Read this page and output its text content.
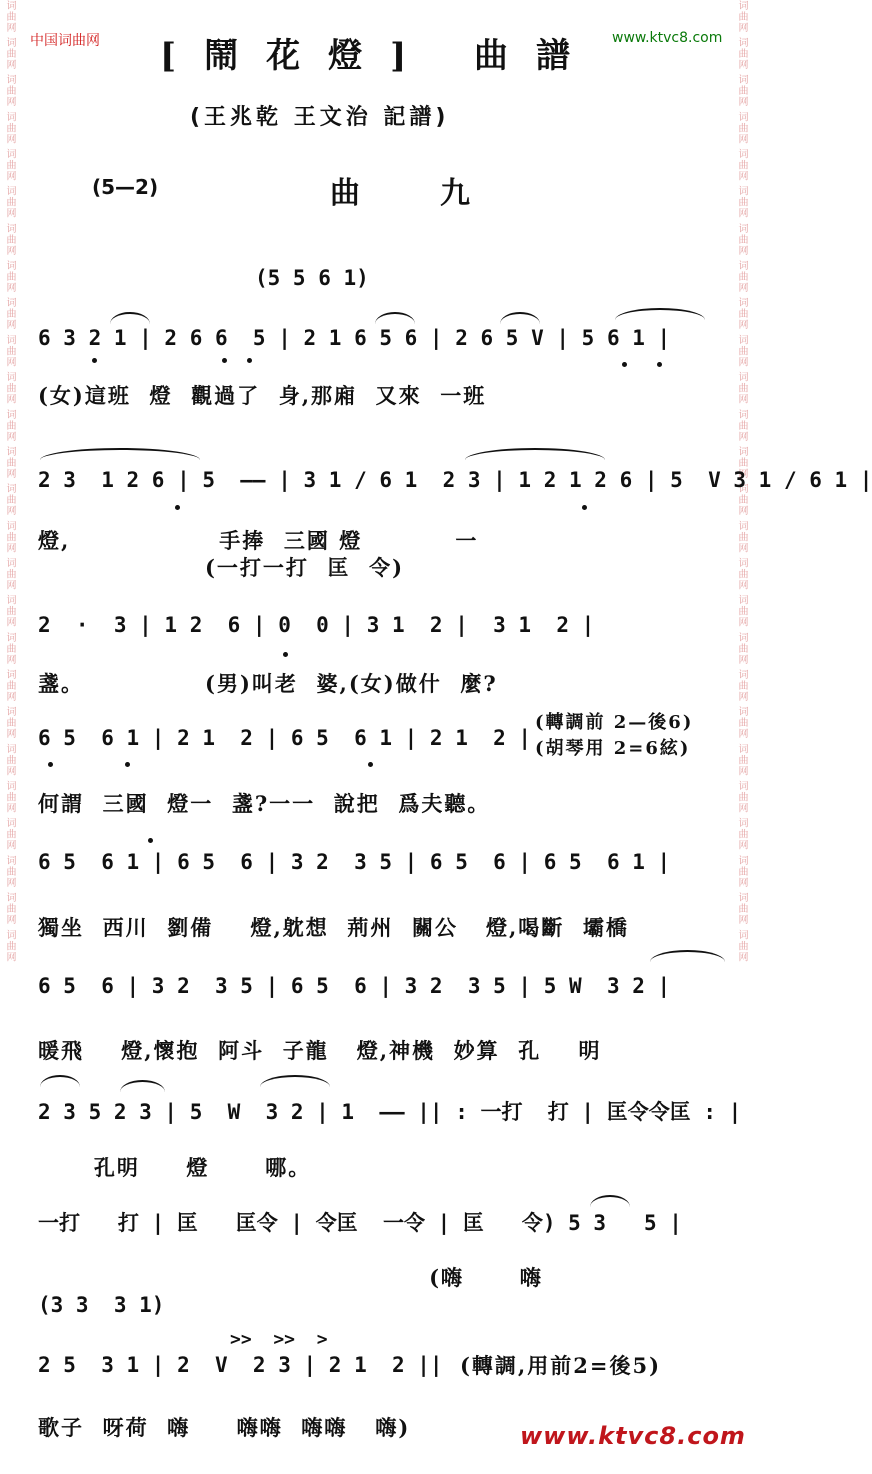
词曲网 词曲网 词曲网 词曲网 词曲网 词曲网 词曲网 词曲网 词曲网 词曲网 词曲网 词曲网 词曲网 词曲网 词曲网 词曲网 词曲网 词曲网 词曲网 词曲网 词曲网 词曲网 词曲网 词曲网 词曲网 词曲网	词曲网 词曲网 词曲网 词曲网 词曲网 词曲网 词曲网 词曲网 词曲网 词曲网 词曲网 词曲网 词曲网 词曲网 词曲网 词曲网 词曲网 词曲网 词曲网 词曲网 词曲网 词曲网 词曲网 词曲网 词曲网 词曲网
中国词曲网	www.ktvc8.com
www.ktvc8.com
[鬧花燈] 曲譜
(王兆乾 王文治 記譜)
(5—2)	曲九
(5 5 6 1)
6 3 2 1 | 2 6 6  5 | 2 1 6 5 6 | 2 6 5 V | 5 6 1 |
(女)這班  燈  觀過了  身,那廂  又來  一班
2 3  1 2 6 | 5  —— | 3 1 / 6 1  2 3 | 1 2 1 2 6 | 5  V 3 1 / 6 1 |
燈,                手捧  三國 燈          一
(一打一打  匡  令)
2  ·  3 | 1 2  6 | 0  0 | 3 1  2 |  3 1  2 |
盞。             (男)叫老  婆,(女)做什  麼?
6 5  6 1 | 2 1  2 | 6 5  6 1 | 2 1  2 |
(轉調前 2—後6)
(胡琴用 2=6絃)
何謂  三國  燈一  盞?一一  說把  爲夫聽。
6 5  6 1 | 6 5  6 | 3 2  3 5 | 6 5  6 | 6 5  6 1 |
獨坐  西川  劉備    燈,躭想  荊州  關公   燈,喝斷  壩橋
6 5  6 | 3 2  3 5 | 6 5  6 | 3 2  3 5 | 5 W  3 2 |
暖飛    燈,懷抱  阿斗  子龍   燈,神機  妙算  孔    明
2 3 5 2 3 | 5  W  3 2 | 1  —— || : 一打  打 | 匡令令匡 : |
孔明     燈      哪。
一打   打 | 匡   匡令 | 令匡  一令 | 匡   令) 5 3   5 |
(嗨      嗨
(3 3  3 1)
>>  >>  >
2 5  3 1 | 2  V  2 3 | 2 1  2 || (轉調,用前2=後5)
歌子  呀荷  嗨     嗨嗨  嗨嗨   嗨)
